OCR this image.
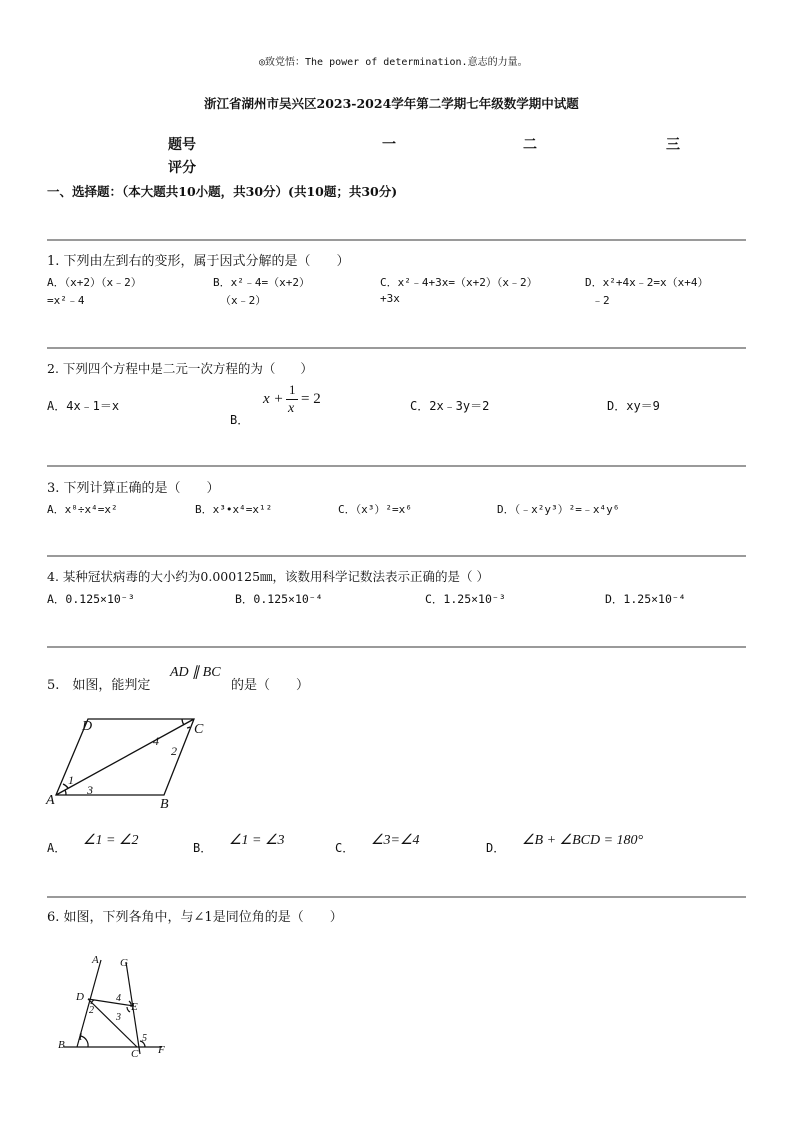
◎致党悟：The power of determination.意志的力量。
浙江省湖州市吴兴区2023-2024学年第二学期七年级数学期中试题
题号	一	二	三
评分
一、选择题：（本大题共10小题，共30分）(共10题；共30分)
1. 下列由左到右的变形，属于因式分解的是（　　）
A．（x+2）（x﹣2）
=x²﹣4
B．x²﹣4=（x+2）
（x﹣2）
C．x²﹣4+3x=（x+2）（x﹣2）
+3x
D．x²+4x﹣2=x（x+4）
﹣2
2. 下列四个方程中是二元一次方程的为（　　）
A．4x﹣1＝x
B．
x +
1
x
= 2	C．2x﹣3y＝2	D．xy＝9
3. 下列计算正确的是（　　）
A．x⁸÷x⁴=x²	B．x³•x⁴=x¹²	C．（x³）²=x⁶	D．（﹣x²y³）²=﹣x⁴y⁶
4. 某种冠状病毒的大小约为0.000125㎜，该数用科学记数法表示正确的是（ ）
A．0.125×10⁻³	B．0.125×10⁻⁴	C．1.25×10⁻³	D．1.25×10⁻⁴
5.　如图，能判定
AD ∥ BC
的是（　　）
D	C
A	B
1
2
3
4
A． ∠1 = ∠2	B． ∠1 = ∠3	C． ∠3=∠4	D． ∠B + ∠BCD = 180°
6. 如图，下列各角中，与∠1是同位角的是（　　）
A G
D
E
B
C F
1
2
3
4
5
